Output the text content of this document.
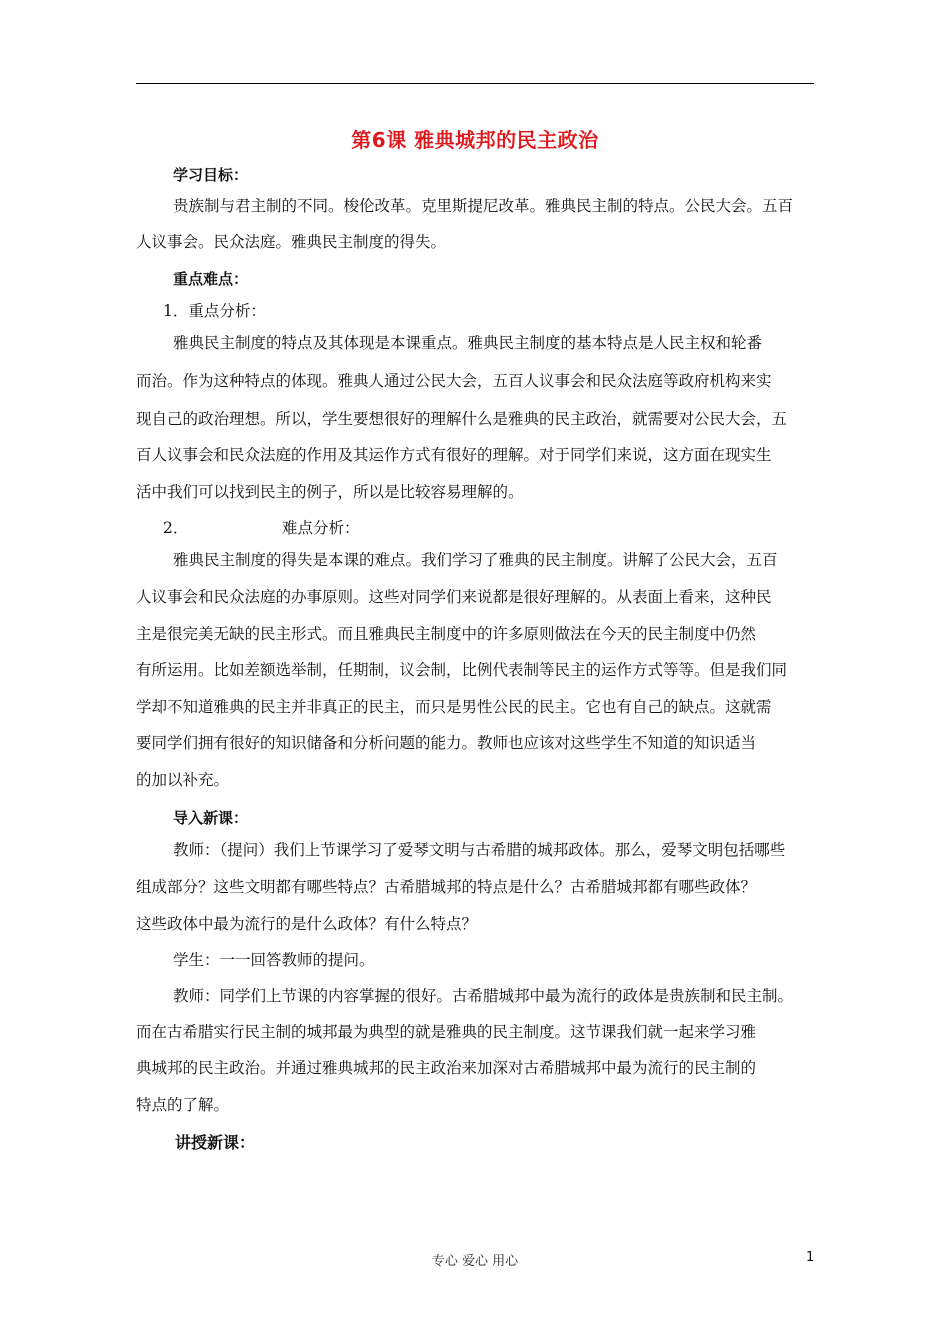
第6课 雅典城邦的民主政治
学习目标：
贵族制与君主制的不同。梭伦改革。克里斯提尼改革。雅典民主制的特点。公民大会。五百
人议事会。民众法庭。雅典民主制度的得失。
重点难点：
1．重点分析：
雅典民主制度的特点及其体现是本课重点。雅典民主制度的基本特点是人民主权和轮番
而治。作为这种特点的体现。雅典人通过公民大会，五百人议事会和民众法庭等政府机构来实
现自己的政治理想。所以，学生要想很好的理解什么是雅典的民主政治，就需要对公民大会，五
百人议事会和民众法庭的作用及其运作方式有很好的理解。对于同学们来说，这方面在现实生
活中我们可以找到民主的例子，所以是比较容易理解的。
2．	难点分析：
雅典民主制度的得失是本课的难点。我们学习了雅典的民主制度。讲解了公民大会，五百
人议事会和民众法庭的办事原则。这些对同学们来说都是很好理解的。从表面上看来，这种民
主是很完美无缺的民主形式。而且雅典民主制度中的许多原则做法在今天的民主制度中仍然
有所运用。比如差额选举制，任期制，议会制，比例代表制等民主的运作方式等等。但是我们同
学却不知道雅典的民主并非真正的民主，而只是男性公民的民主。它也有自己的缺点。这就需
要同学们拥有很好的知识储备和分析问题的能力。教师也应该对这些学生不知道的知识适当
的加以补充。
导入新课：
教师：（提问）我们上节课学习了爱琴文明与古希腊的城邦政体。那么，爱琴文明包括哪些
组成部分？这些文明都有哪些特点？古希腊城邦的特点是什么？古希腊城邦都有哪些政体？
这些政体中最为流行的是什么政体？有什么特点？
学生：一一回答教师的提问。
教师：同学们上节课的内容掌握的很好。古希腊城邦中最为流行的政体是贵族制和民主制。
而在古希腊实行民主制的城邦最为典型的就是雅典的民主制度。这节课我们就一起来学习雅
典城邦的民主政治。并通过雅典城邦的民主政治来加深对古希腊城邦中最为流行的民主制的
特点的了解。
讲授新课：
专心 爱心 用心	1
